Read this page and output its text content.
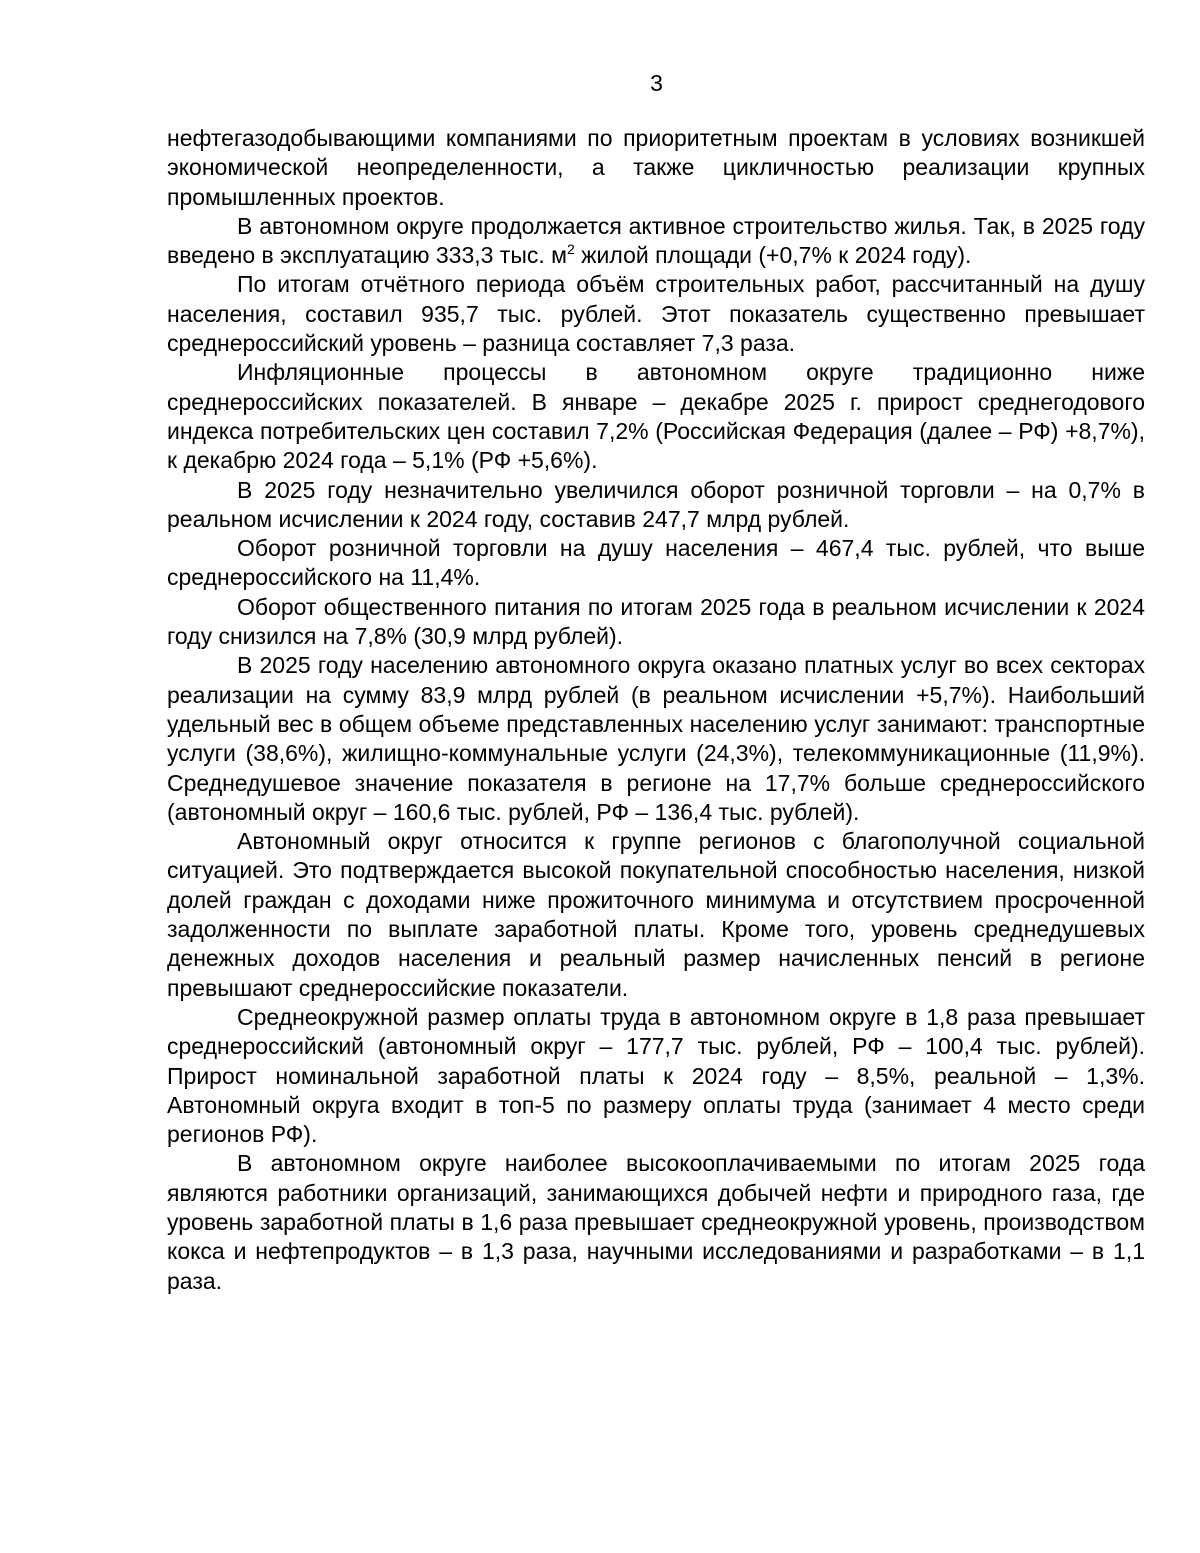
3

нефтегазодобывающими компаниями по приоритетным проектам в условиях возникшей экономической неопределенности, а также цикличностью реализации крупных промышленных проектов.

В автономном округе продолжается активное строительство жилья. Так, в 2025 году введено в эксплуатацию 333,3 тыс. $м^2$ жилой площади (+0,7% к 2024 году).

По итогам отчётного периода объём строительных работ, рассчитанный на душу населения, составил 935,7 тыс. рублей. Этот показатель существенно превышает среднероссийский уровень – разница составляет 7,3 раза.

Инфляционные процессы в автономном округе традиционно ниже среднероссийских показателей. В январе – декабре 2025 г. прирост среднегодового индекса потребительских цен составил 7,2% (Российская Федерация (далее – РФ) +8,7%), к декабрю 2024 года – 5,1% (РФ +5,6%).

В 2025 году незначительно увеличился оборот розничной торговли – на 0,7% в реальном исчислении к 2024 году, составив 247,7 млрд рублей.

Оборот розничной торговли на душу населения – 467,4 тыс. рублей, что выше среднероссийского на 11,4%.

Оборот общественного питания по итогам 2025 года в реальном исчислении к 2024 году снизился на 7,8% (30,9 млрд рублей).

В 2025 году населению автономного округа оказано платных услуг во всех секторах реализации на сумму 83,9 млрд рублей (в реальном исчислении +5,7%). Наибольший удельный вес в общем объеме представленных населению услуг занимают: транспортные услуги (38,6%), жилищно-коммунальные услуги (24,3%), телекоммуникационные (11,9%). Среднедушевое значение показателя в регионе на 17,7% больше среднероссийского (автономный округ – 160,6 тыс. рублей, РФ – 136,4 тыс. рублей).

Автономный округ относится к группе регионов с благополучной социальной ситуацией. Это подтверждается высокой покупательной способностью населения, низкой долей граждан с доходами ниже прожиточного минимума и отсутствием просроченной задолженности по выплате заработной платы. Кроме того, уровень среднедушевых денежных доходов населения и реальный размер начисленных пенсий в регионе превышают среднероссийские показатели.

Среднеокружной размер оплаты труда в автономном округе в 1,8 раза превышает среднероссийский (автономный округ – 177,7 тыс. рублей, РФ – 100,4 тыс. рублей). Прирост номинальной заработной платы к 2024 году – 8,5%, реальной – 1,3%. Автономный округа входит в топ-5 по размеру оплаты труда (занимает 4 место среди регионов РФ).

В автономном округе наиболее высокооплачиваемыми по итогам 2025 года являются работники организаций, занимающихся добычей нефти и природного газа, где уровень заработной платы в 1,6 раза превышает среднеокружной уровень, производством кокса и нефтепродуктов – в 1,3 раза, научными исследованиями и разработками – в 1,1 раза.
